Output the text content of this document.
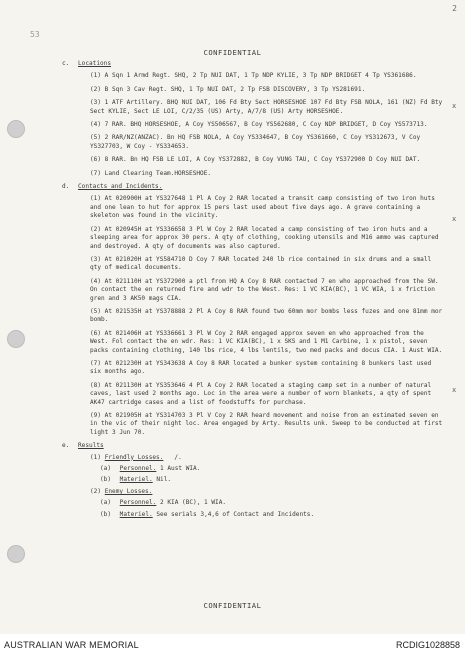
2
53
x
x
x
CONFIDENTIAL
c. Locations
(1) A Sqn 1 Armd Regt. SHQ, 2 Tp NUI DAT, 1 Tp NDP KYLIE, 3 Tp NDP BRIDGET 4 Tp YS361686.
(2) B Sqn 3 Cav Regt. SHQ, 1 Tp NUI DAT, 2 Tp FSB DISCOVERY, 3 Tp YS281691.
(3) 1 ATF Artillery. BHQ NUI DAT, 106 Fd Bty Sect HORSESHOE 107 Fd Bty FSB NOLA, 161 (NZ) Fd Bty Sect KYLIE, Sect LE LOI, C/2/35 (US) Arty, A/7/8 (US) Arty HORSESHOE.
(4) 7 RAR. BHQ HORSESHOE, A Coy YS506567, B Coy YS562680, C Coy NDP BRIDGET, D Coy YS573713.
(5) 2 RAR/NZ(ANZAC). Bn HQ FSB NOLA, A Coy YS334647, B Coy YS361660, C Coy YS312673, V Coy YS327703, W Coy - YS334653.
(6) 8 RAR. Bn HQ FSB LE LOI, A Coy YS372882, B Coy VUNG TAU, C Coy YS372900 D Coy NUI DAT.
(7) Land Clearing Team.HORSESHOE.
d. Contacts and Incidents.
(1) At 020900H at YS327648 1 Pl A Coy 2 RAR located a transit camp consisting of two iron huts and one lean to hut for approx 15 pers last used about five days ago. A grave containing a skeleton was found in the vicinity.
(2) At 020945H at YS336658 3 Pl W Coy 2 RAR located a camp consisting of two iron huts and a sleeping area for approx 30 pers. A qty of clothing, cooking utensils and M16 ammo was captured and destroyed. A qty of documents was also captured.
(3) At 021020H at YS584710 D Coy 7 RAR located 240 lb rice contained in six drums and a small qty of medical documents.
(4) At 021110H at YS372900 a ptl from HQ A Coy 8 RAR contacted 7 en who approached from the SW. On contact the en returned fire and wdr to the West. Res: 1 VC KIA(BC), 1 VC WIA, 1 x friction gren and 3 AK50 mags CIA.
(5) At 021535H at YS378888 2 Pl A Coy 8 RAR found two 60mm mor bombs less fuzes and one 81mm mor bomb.
(6) At 021406H at YS336661 3 Pl W Coy 2 RAR engaged approx seven en who approached from the West. Fol contact the en wdr. Res: 1 VC KIA(BC), 1 x SKS and 1 M1 Carbine, 1 x pistol, seven packs containing clothing, 140 lbs rice, 4 lbs lentils, two med packs and docus CIA. 1 Aust WIA.
(7) At 021230H at YS343638 A Coy 8 RAR located a bunker system containing 8 bunkers last used six months ago.
(8) At 021130H at YS353646 4 Pl A Coy 2 RAR located a staging camp set in a number of natural caves, last used 2 months ago. Loc in the area were a number of worn blankets, a qty of spent AK47 cartridge cases and a list of foodstuffs for purchase.
(9) At 021905H at YS314703 3 Pl V Coy 2 RAR heard movement and noise from an estimated seven en in the vic of their night loc. Area engaged by Arty. Results unk. Sweep to be conducted at first light 3 Jun 70.
e. Results
(1) Friendly Losses. /.
(a) Personnel. 1 Aust WIA.
(b) Materiel. Nil.
(2) Enemy Losses.
(a) Personnel. 2 KIA (BC), 1 WIA.
(b) Materiel. See serials 3,4,6 of Contact and Incidents.
CONFIDENTIAL
AUSTRALIAN WAR MEMORIAL	RCDIG1028858
